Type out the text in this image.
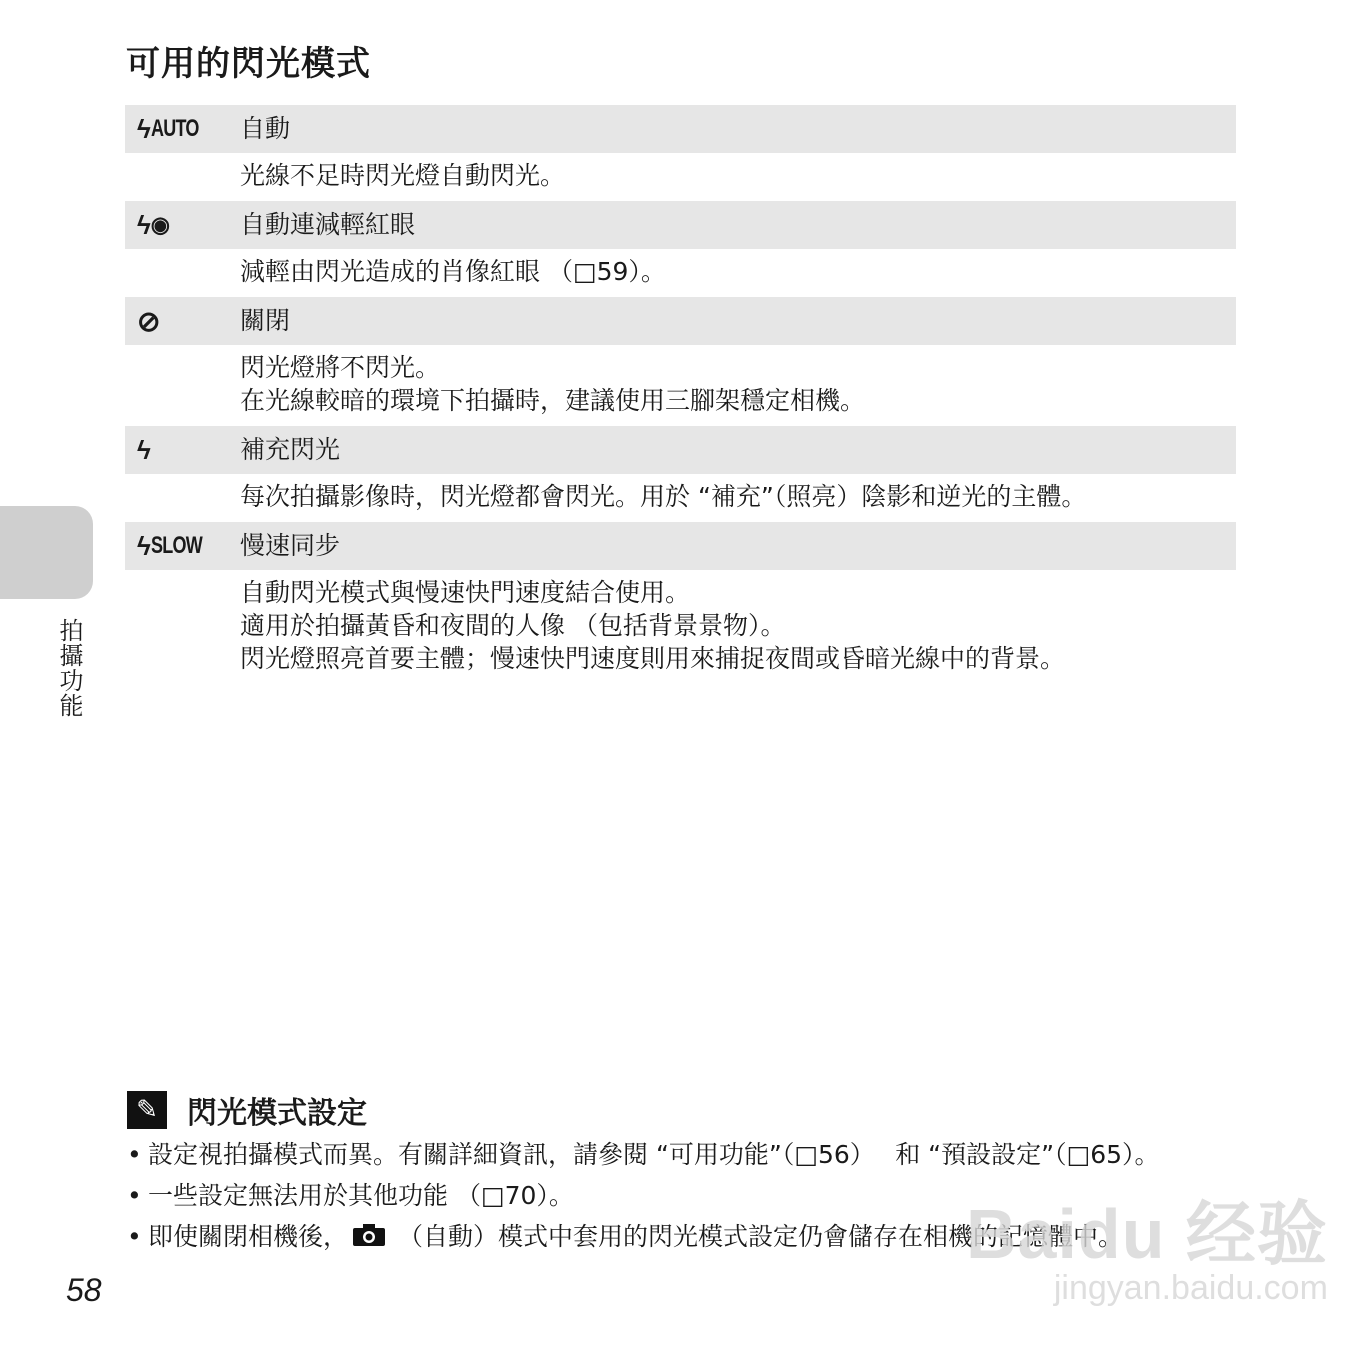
可用的閃光模式
ϟ AUTO 自動
光線不足時閃光燈自動閃光。
ϟ ◉	自動連減輕紅眼
減輕由閃光造成的肖像紅眼 （□59）。
⊘	關閉
閃光燈將不閃光。
在光線較暗的環境下拍攝時，建議使用三腳架穩定相機。
ϟ	補充閃光
每次拍攝影像時，閃光燈都會閃光。用於 “補充”（照亮）陰影和逆光的主體。
ϟ SLOW 慢速同步
自動閃光模式與慢速快門速度結合使用。
適用於拍攝黃昏和夜間的人像 （包括背景景物）。
閃光燈照亮首要主體；慢速快門速度則用來捕捉夜間或昏暗光線中的背景。
拍攝功能
✎ 閃光模式設定
• 設定視拍攝模式而異。有關詳細資訊，請參閱 “可用功能”（□56）　 和 “預設設定”（□65）。
• 一些設定無法用於其他功能 （□70）。
• 即使關閉相機後， （自動）模式中套用的閃光模式設定仍會儲存在相機的記憶體中。
58
Baidu 经验
jingyan.baidu.com
